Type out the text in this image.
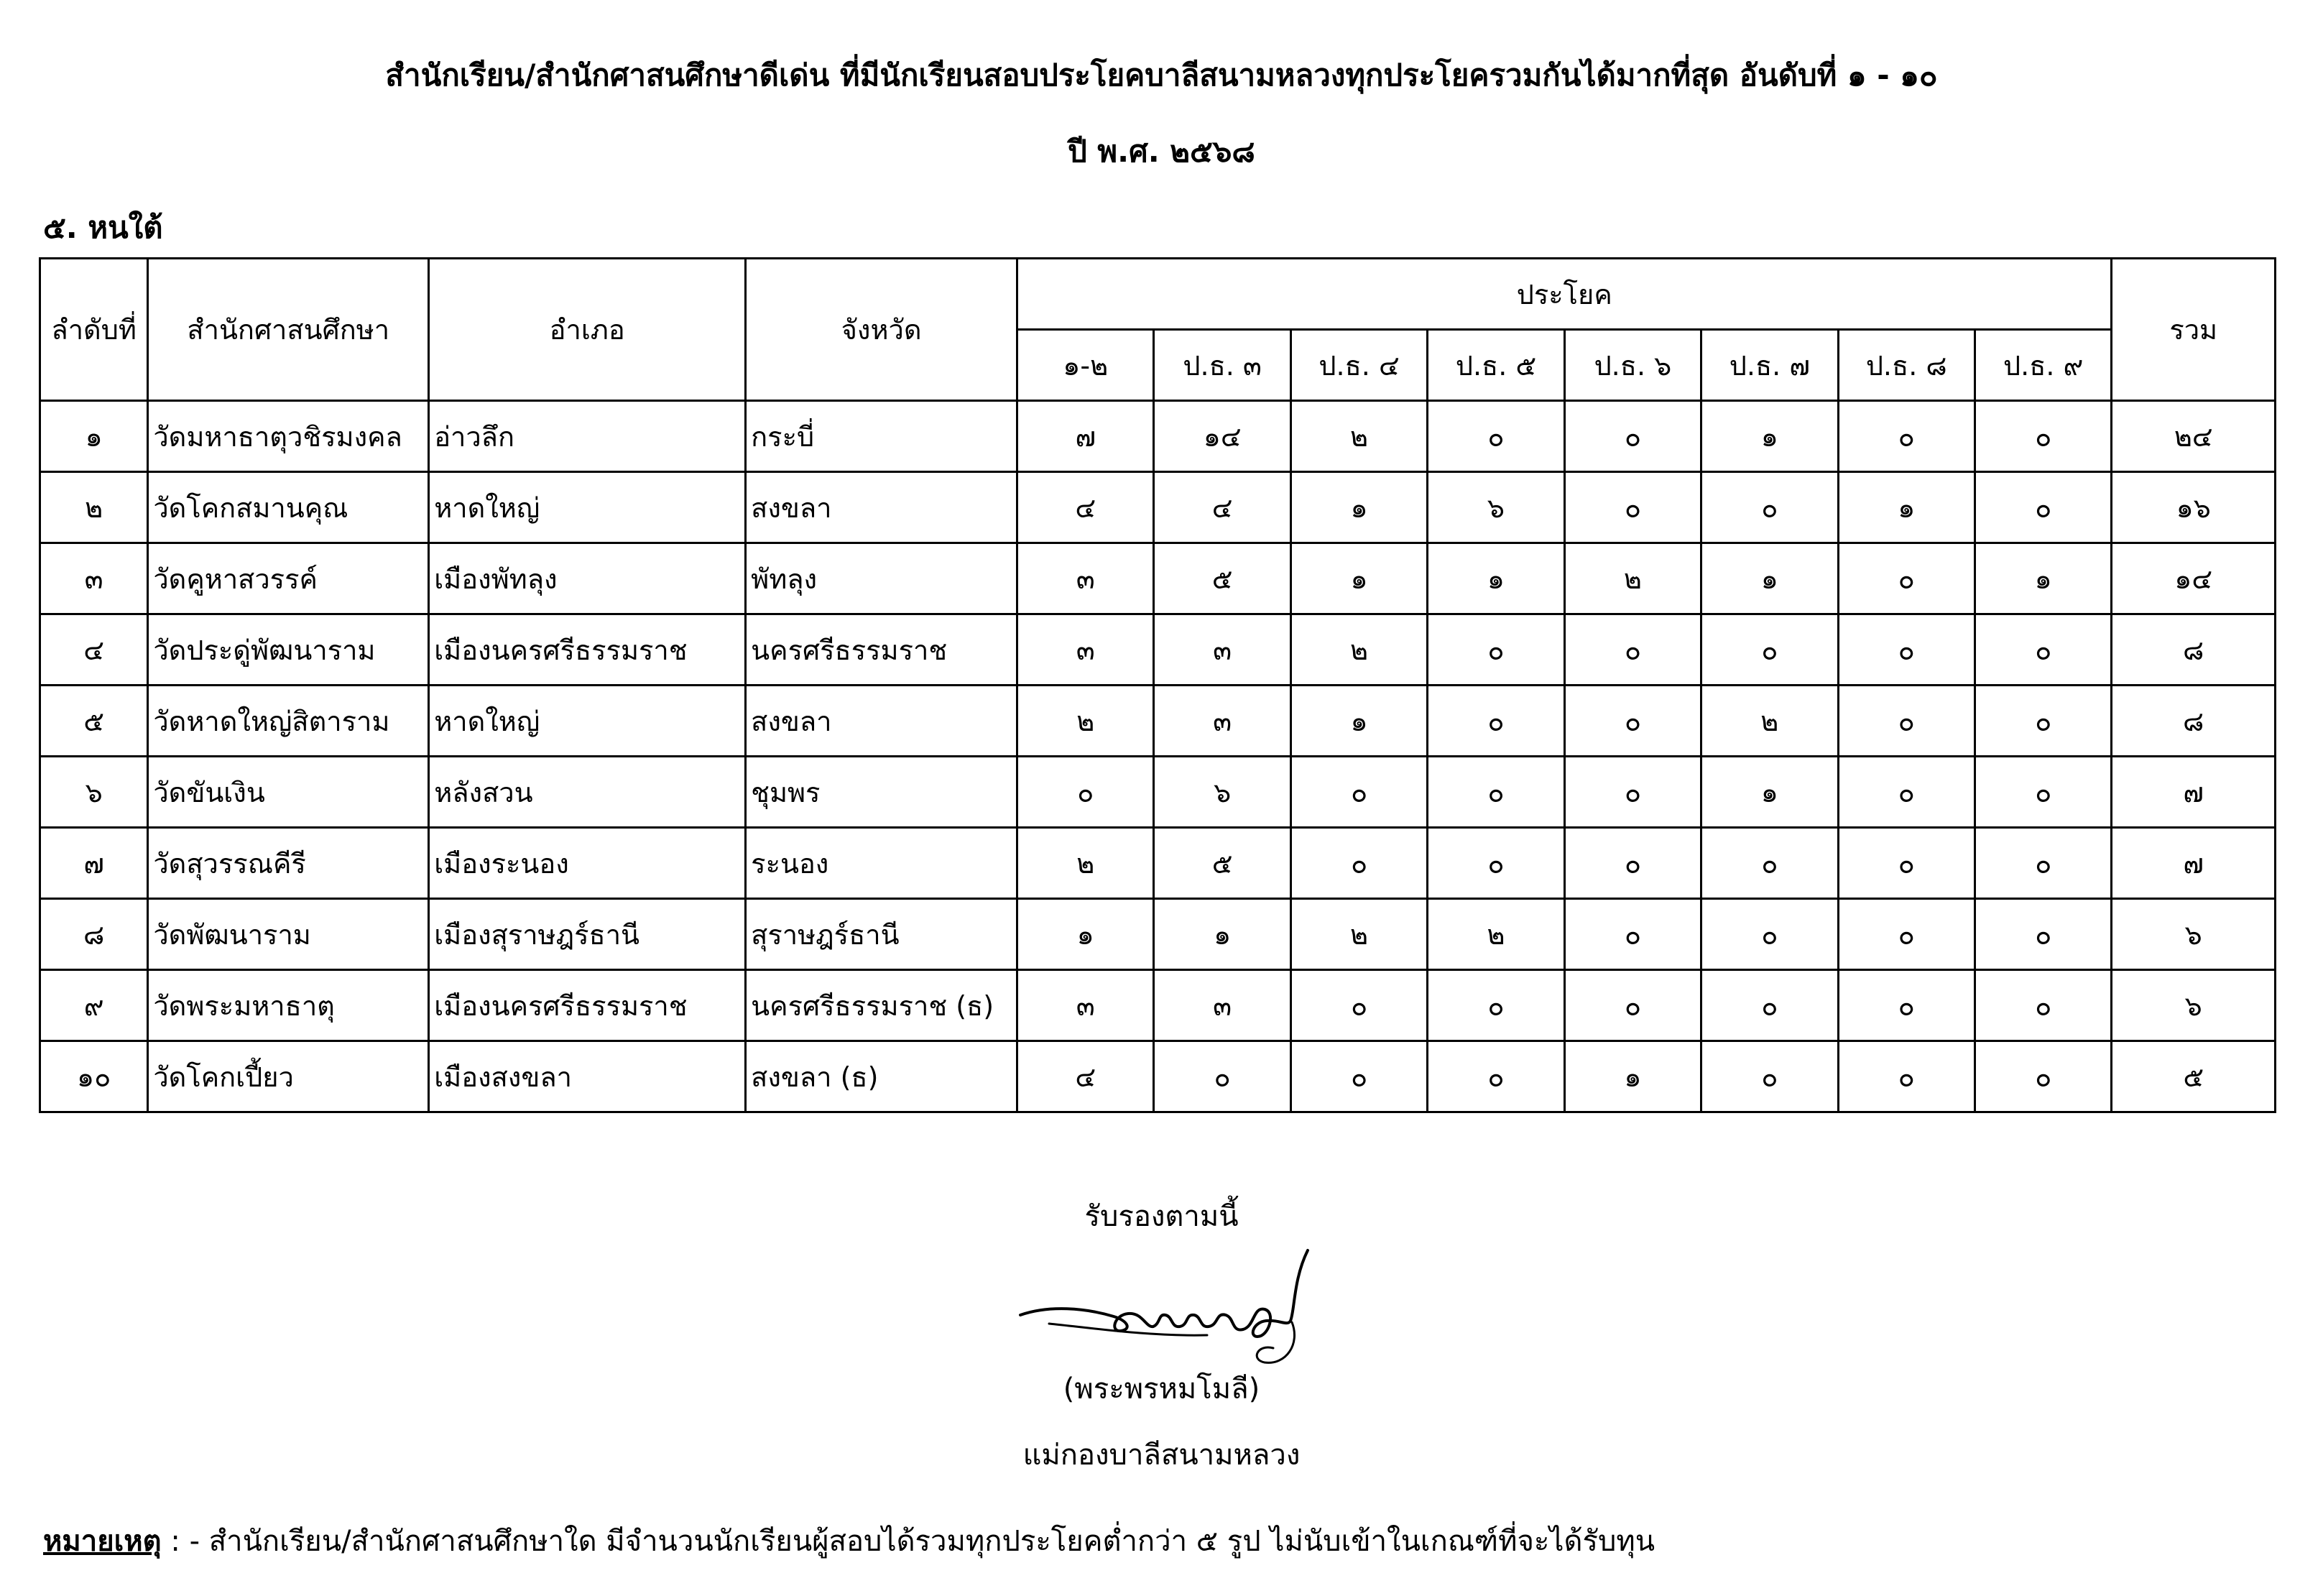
สำนักเรียน/สำนักศาสนศึกษาดีเด่น ที่มีนักเรียนสอบประโยคบาลีสนามหลวงทุกประโยครวมกันได้มากที่สุด อันดับที่ ๑ - ๑๐
ปี พ.ศ. ๒๕๖๘
๕. หนใต้
ลำดับที่	สำนักศาสนศึกษา	อำเภอ	จังหวัด	ประโยค								รวม
				๑-๒	ป.ธ. ๓	ป.ธ. ๔	ป.ธ. ๕	ป.ธ. ๖	ป.ธ. ๗	ป.ธ. ๘	ป.ธ. ๙	
๑	วัดมหาธาตุวชิรมงคล	อ่าวลึก	กระบี่	๗	๑๔	๒	๐	๐	๑	๐	๐	๒๔
๒	วัดโคกสมานคุณ	หาดใหญ่	สงขลา	๔	๔	๑	๖	๐	๐	๑	๐	๑๖
๓	วัดคูหาสวรรค์	เมืองพัทลุง	พัทลุง	๓	๕	๑	๑	๒	๑	๐	๑	๑๔
๔	วัดประดู่พัฒนาราม	เมืองนครศรีธรรมราช	นครศรีธรรมราช	๓	๓	๒	๐	๐	๐	๐	๐	๘
๕	วัดหาดใหญ่สิตาราม	หาดใหญ่	สงขลา	๒	๓	๑	๐	๐	๒	๐	๐	๘
๖	วัดขันเงิน	หลังสวน	ชุมพร	๐	๖	๐	๐	๐	๑	๐	๐	๗
๗	วัดสุวรรณคีรี	เมืองระนอง	ระนอง	๒	๕	๐	๐	๐	๐	๐	๐	๗
๘	วัดพัฒนาราม	เมืองสุราษฎร์ธานี	สุราษฎร์ธานี	๑	๑	๒	๒	๐	๐	๐	๐	๖
๙	วัดพระมหาธาตุ	เมืองนครศรีธรรมราช	นครศรีธรรมราช (ธ)	๓	๓	๐	๐	๐	๐	๐	๐	๖
๑๐	วัดโคกเปี้ยว	เมืองสงขลา	สงขลา (ธ)	๔	๐	๐	๐	๑	๐	๐	๐	๕
รับรองตามนี้
(พระพรหมโมลี)
แม่กองบาลีสนามหลวง
หมายเหตุ : - สำนักเรียน/สำนักศาสนศึกษาใด มีจำนวนนักเรียนผู้สอบได้รวมทุกประโยคต่ำกว่า ๕ รูป ไม่นับเข้าในเกณฑ์ที่จะได้รับทุน
